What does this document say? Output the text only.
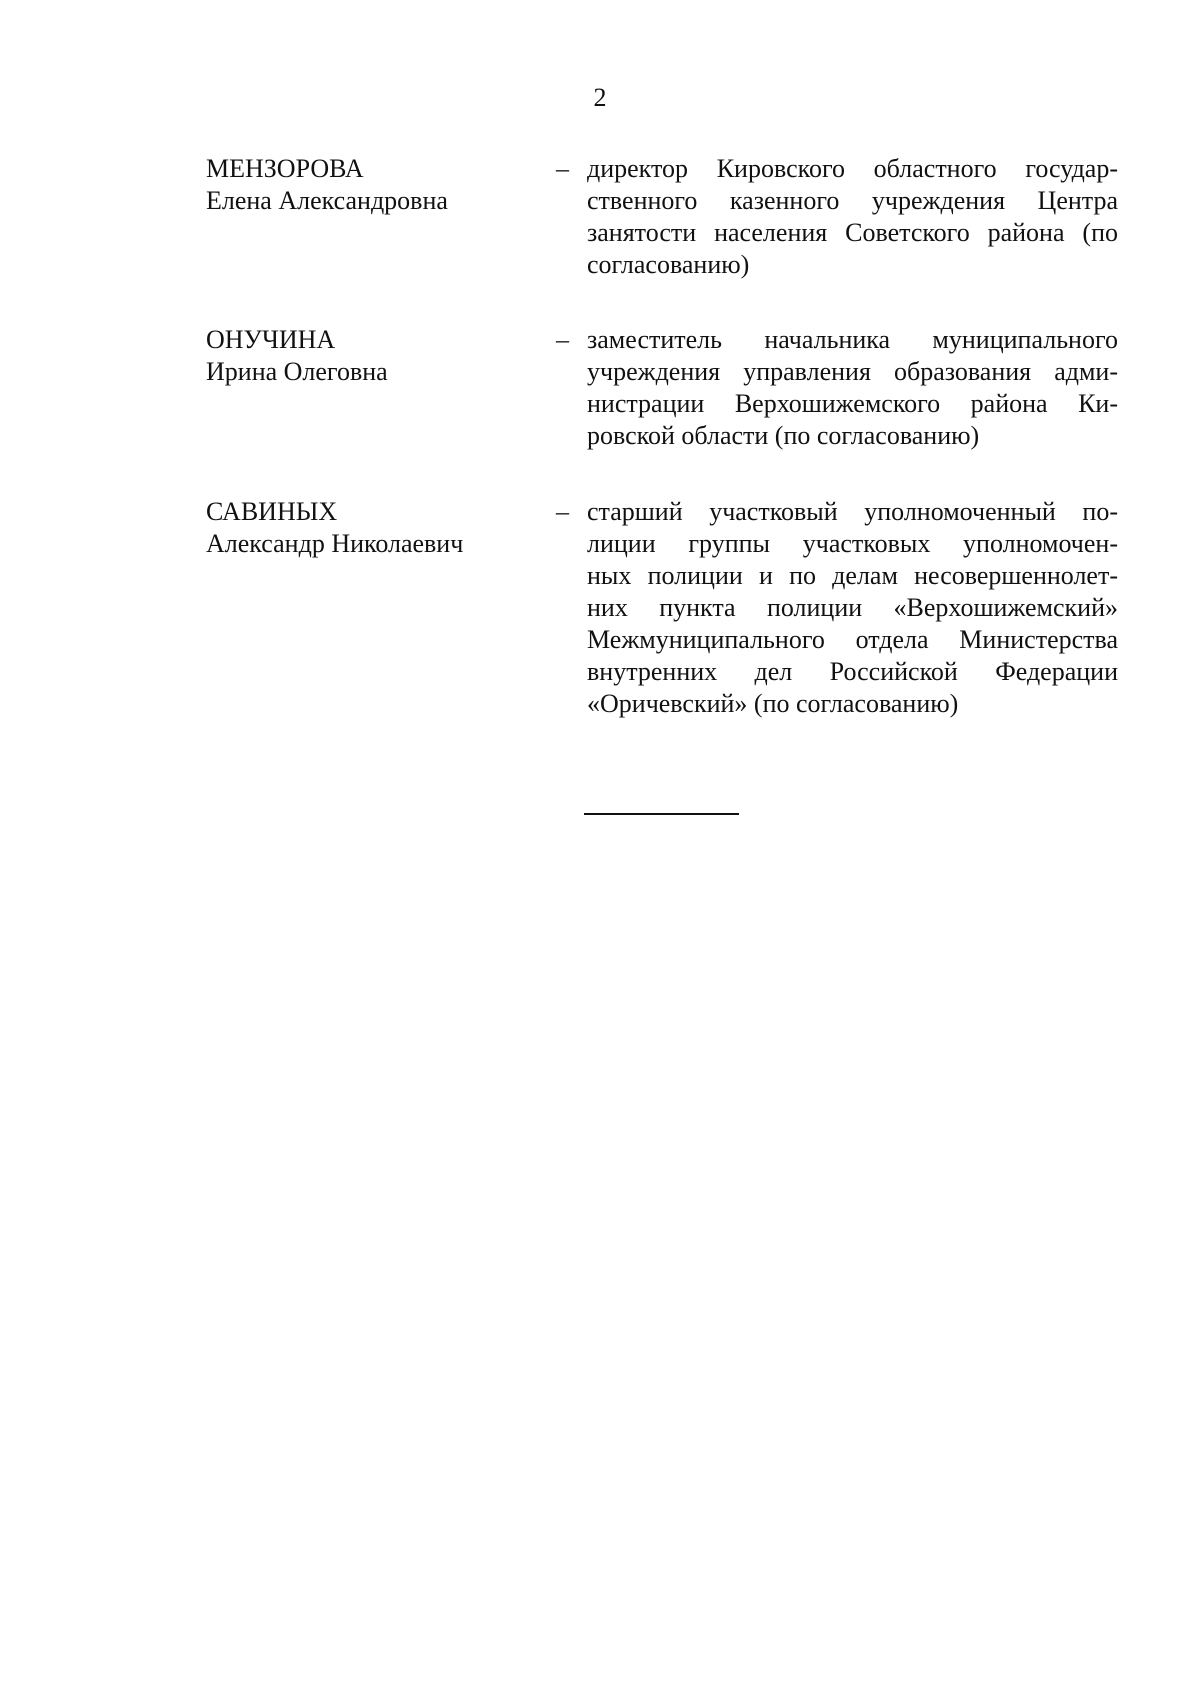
2
МЕНЗОРОВА
Елена Александровна
– директор Кировского областного государ-
ственного казенного учреждения Центра
занятости населения Советского района (по
согласованию)
ОНУЧИНА
Ирина Олеговна
– заместитель начальника муниципального
учреждения управления образования адми-
нистрации Верхошижемского района Ки-
ровской области (по согласованию)
САВИНЫХ
Александр Николаевич
– старший участковый уполномоченный по-
лиции группы участковых уполномочен-
ных полиции и по делам несовершеннолет-
них пункта полиции «Верхошижемский»
Межмуниципального отдела Министерства
внутренних дел Российской Федерации
«Оричевский» (по согласованию)
